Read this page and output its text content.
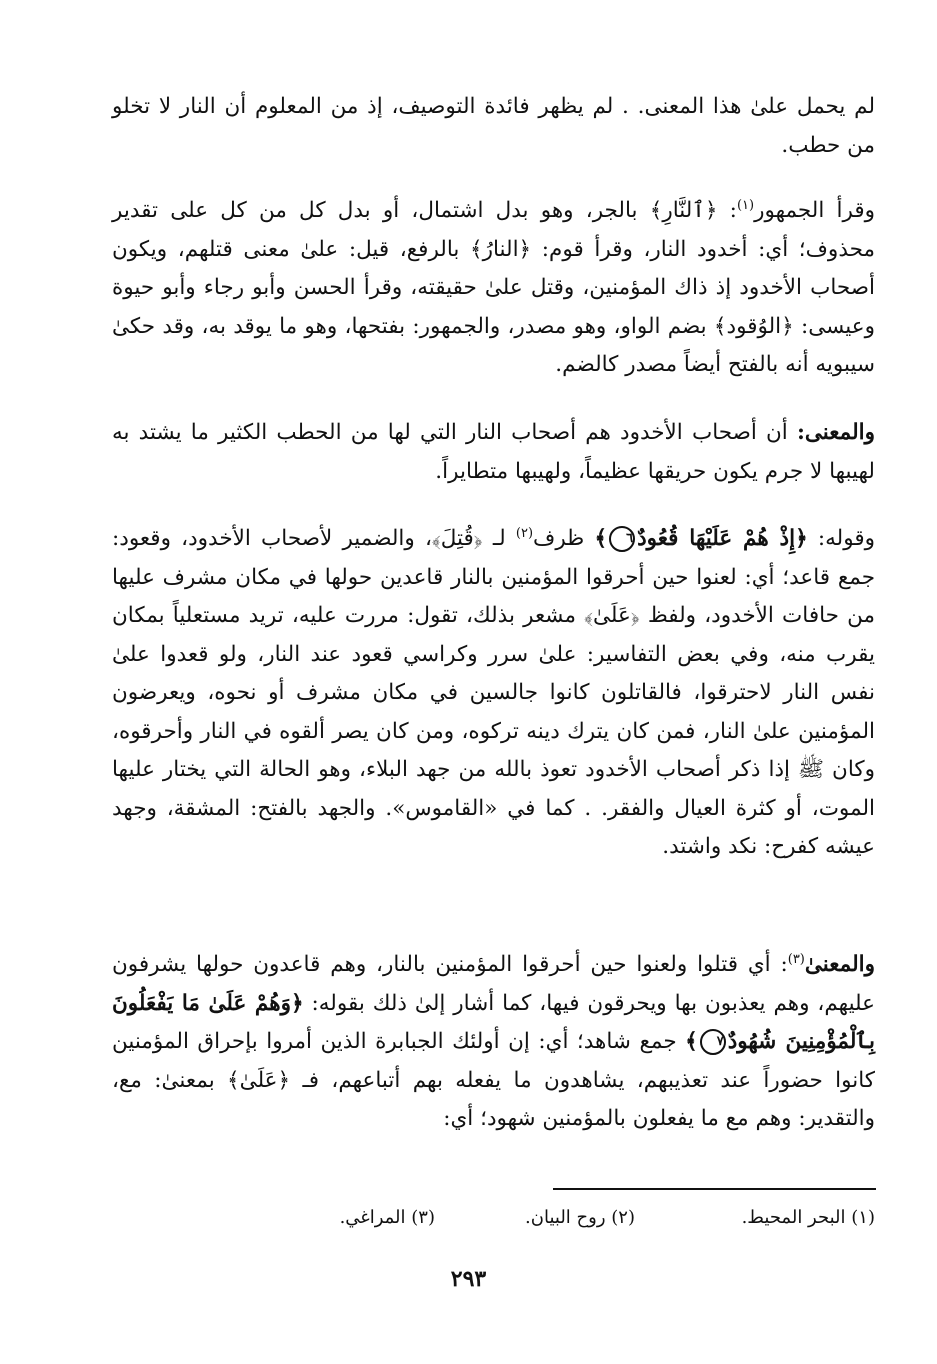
لم يحمل علىٰ هذا المعنى. . لم يظهر فائدة التوصيف، إذ من المعلوم أن النار لا تخلو من حطب.

وقرأ الجمهور$^{(١)}$: ﴿ٱلنَّارِ﴾ بالجر، وهو بدل اشتمال، أو بدل كل من كل على تقدير محذوف؛ أي: أخدود النار، وقرأ قوم: ﴿النارُ﴾ بالرفع، قيل: علىٰ معنى قتلهم، ويكون أصحاب الأخدود إذ ذاك المؤمنين، وقتل علىٰ حقيقته، وقرأ الحسن وأبو رجاء وأبو حيوة وعيسى: ﴿الوُقود﴾ بضم الواو، وهو مصدر، والجمهور: بفتحها، وهو ما يوقد به، وقد حكىٰ سيبويه أنه بالفتح أيضاً مصدر كالضم.

والمعنى: أن أصحاب الأخدود هم أصحاب النار التي لها من الحطب الكثير ما يشتد به لهيبها لا جرم يكون حريقها عظيماً، ولهيبها متطايراً.

وقوله: ﴿إِذْ هُمْ عَلَيْهَا قُعُودٌ٦﴾ ظرف$^{(٢)}$ لـ ﴿قُتِلَ﴾، والضمير لأصحاب الأخدود، وقعود: جمع قاعد؛ أي: لعنوا حين أحرقوا المؤمنين بالنار قاعدين حولها في مكان مشرف عليها من حافات الأخدود، ولفظ ﴿عَلَىٰ﴾ مشعر بذلك، تقول: مررت عليه، تريد مستعلياً بمكان يقرب منه، وفي بعض التفاسير: علىٰ سرر وكراسي قعود عند النار، ولو قعدوا علىٰ نفس النار لاحترقوا، فالقاتلون كانوا جالسين في مكان مشرف أو نحوه، ويعرضون المؤمنين علىٰ النار، فمن كان يترك دينه تركوه، ومن كان يصر ألقوه في النار وأحرقوه، وكان ﷺ إذا ذكر أصحاب الأخدود تعوذ بالله من جهد البلاء، وهو الحالة التي يختار عليها الموت، أو كثرة العيال والفقر. . كما في «القاموس». والجهد بالفتح: المشقة، وجهد عيشه كفرح: نكد واشتد.

والمعنىٰ$^{(٣)}$: أي قتلوا ولعنوا حين أحرقوا المؤمنين بالنار، وهم قاعدون حولها يشرفون عليهم، وهم يعذبون بها ويحرقون فيها، كما أشار إلىٰ ذلك بقوله: ﴿وَهُمْ عَلَىٰ مَا يَفْعَلُونَ بِٱلْمُؤْمِنِينَ شُهُودٌ٧﴾ جمع شاهد؛ أي: إن أولئك الجبابرة الذين أمروا بإحراق المؤمنين كانوا حضوراً عند تعذيبهم، يشاهدون ما يفعله بهم أتباعهم، فـ ﴿عَلَىٰ﴾ بمعنىٰ: مع، والتقدير: وهم مع ما يفعلون بالمؤمنين شهود؛ أي:

(١) البحر المحيط.
(٢) روح البيان.
(٣) المراغي.
٢٩٣
